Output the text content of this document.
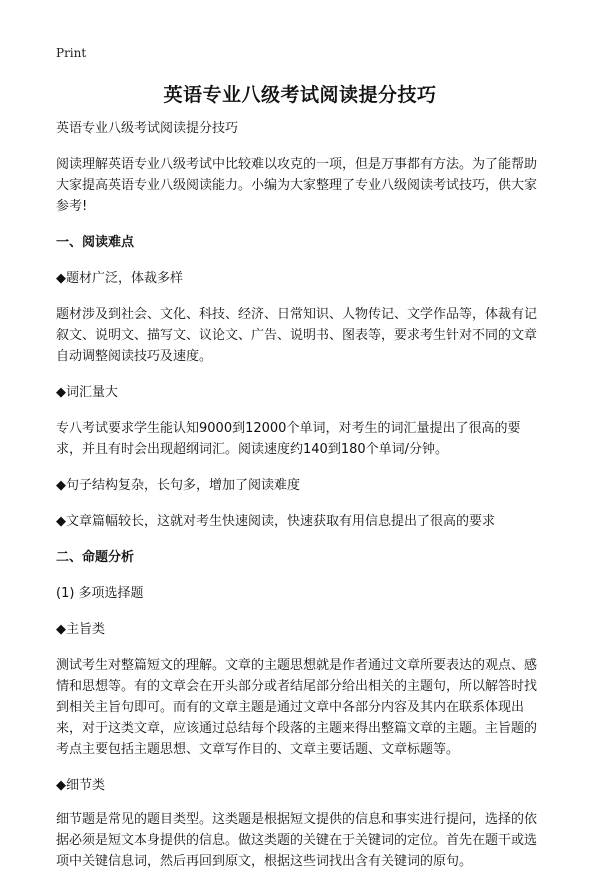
Print
英语专业八级考试阅读提分技巧

英语专业八级考试阅读提分技巧

阅读理解英语专业八级考试中比较难以攻克的一项，但是万事都有方法。为了能帮助大家提高英语专业八级阅读能力。小编为大家整理了专业八级阅读考试技巧，供大家参考!

一、阅读难点

◆题材广泛，体裁多样

题材涉及到社会、文化、科技、经济、日常知识、人物传记、文学作品等，体裁有记叙文、说明文、描写文、议论文、广告、说明书、图表等，要求考生针对不同的文章自动调整阅读技巧及速度。

◆词汇量大

专八考试要求学生能认知9000到12000个单词，对考生的词汇量提出了很高的要求，并且有时会出现超纲词汇。阅读速度约140到180个单词/分钟。

◆句子结构复杂，长句多，增加了阅读难度

◆文章篇幅较长，这就对考生快速阅读，快速获取有用信息提出了很高的要求

二、命题分析

(1) 多项选择题

◆主旨类

测试考生对整篇短文的理解。文章的主题思想就是作者通过文章所要表达的观点、感情和思想等。有的文章会在开头部分或者结尾部分给出相关的主题句，所以解答时找到相关主旨句即可。而有的文章主题是通过文章中各部分内容及其内在联系体现出来，对于这类文章，应该通过总结每个段落的主题来得出整篇文章的主题。主旨题的考点主要包括主题思想、文章写作目的、文章主要话题、文章标题等。

◆细节类

细节题是常见的题目类型。这类题是根据短文提供的信息和事实进行提问，选择的依据必须是短文本身提供的信息。做这类题的关键在于关键词的定位。首先在题干或选项中关键信息词，然后再回到原文，根据这些词找出含有关键词的原句。
